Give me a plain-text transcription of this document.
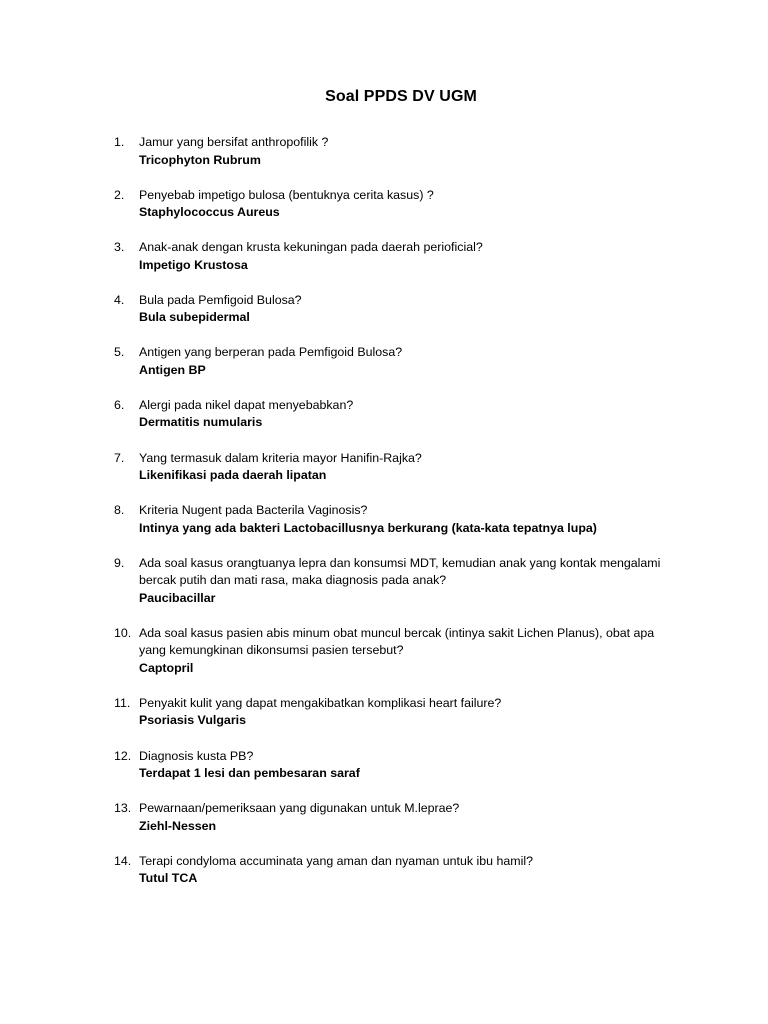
Soal PPDS DV UGM
1.	Jamur yang bersifat anthropofilik ?
Tricophyton Rubrum
2.	Penyebab impetigo bulosa (bentuknya cerita kasus) ?
Staphylococcus Aureus
3.	Anak-anak dengan krusta kekuningan pada daerah perioficial?
Impetigo Krustosa
4.	Bula pada Pemfigoid Bulosa?
Bula subepidermal
5.	Antigen yang berperan pada Pemfigoid Bulosa?
Antigen BP
6.	Alergi pada nikel dapat menyebabkan?
Dermatitis numularis
7.	Yang termasuk dalam kriteria mayor Hanifin-Rajka?
Likenifikasi pada daerah lipatan
8.	Kriteria Nugent pada Bacterila Vaginosis?
Intinya yang ada bakteri Lactobacillusnya berkurang (kata-kata tepatnya lupa)
9.	Ada soal kasus orangtuanya lepra dan konsumsi MDT, kemudian anak yang kontak mengalami bercak putih dan mati rasa, maka diagnosis pada anak?
Paucibacillar
10. Ada soal kasus pasien abis minum obat muncul bercak (intinya sakit Lichen Planus), obat apa yang kemungkinan dikonsumsi pasien tersebut?
Captopril
11. Penyakit kulit yang dapat mengakibatkan komplikasi heart failure?
Psoriasis Vulgaris
12. Diagnosis kusta PB?
Terdapat 1 lesi dan pembesaran saraf
13. Pewarnaan/pemeriksaan yang digunakan untuk M.leprae?
Ziehl-Nessen
14. Terapi condyloma accuminata yang aman dan nyaman untuk ibu hamil?
Tutul TCA
